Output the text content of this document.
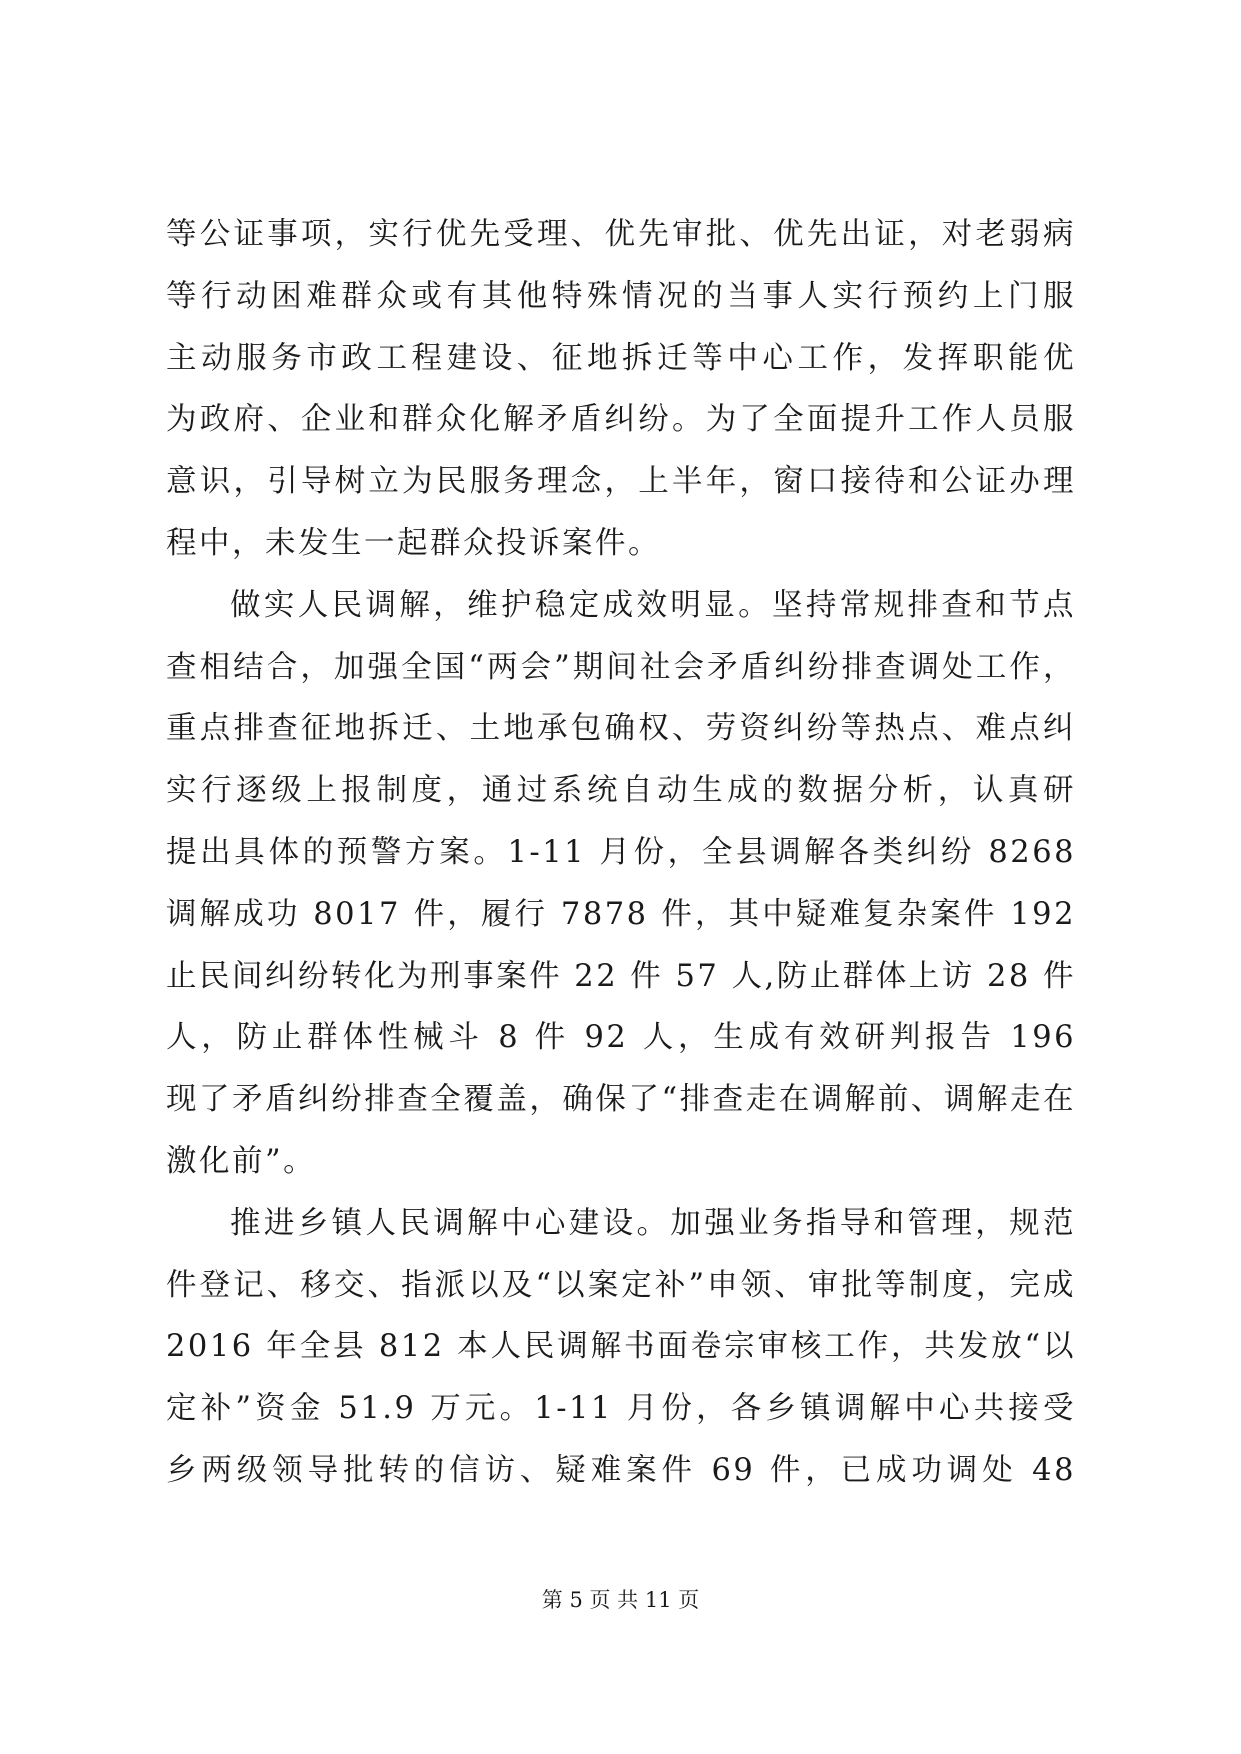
等公证事项，实行优先受理、优先审批、优先出证，对老弱病
等行动困难群众或有其他特殊情况的当事人实行预约上门服
主动服务市政工程建设、征地拆迁等中心工作，发挥职能优
为政府、企业和群众化解矛盾纠纷。为了全面提升工作人员服
意识，引导树立为民服务理念，上半年，窗口接待和公证办理
程中，未发生一起群众投诉案件。
做实人民调解，维护稳定成效明显。坚持常规排查和节点
查相结合，加强全国“两会”期间社会矛盾纠纷排查调处工作，
重点排查征地拆迁、土地承包确权、劳资纠纷等热点、难点纠
实行逐级上报制度，通过系统自动生成的数据分析，认真研
提出具体的预警方案。1-11 月份，全县调解各类纠纷 8268
调解成功 8017 件，履行 7878 件，其中疑难复杂案件 192
止民间纠纷转化为刑事案件 22 件 57 人,防止群体上访 28 件
人，防止群体性械斗 8 件 92 人，生成有效研判报告 196
现了矛盾纠纷排查全覆盖，确保了“排查走在调解前、调解走在
激化前”。
推进乡镇人民调解中心建设。加强业务指导和管理，规范
件登记、移交、指派以及“以案定补”申领、审批等制度，完成
2016 年全县 812 本人民调解书面卷宗审核工作，共发放“以
定补”资金 51.9 万元。1-11 月份，各乡镇调解中心共接受
乡两级领导批转的信访、疑难案件 69 件，已成功调处 48
第 5 页 共 11 页
